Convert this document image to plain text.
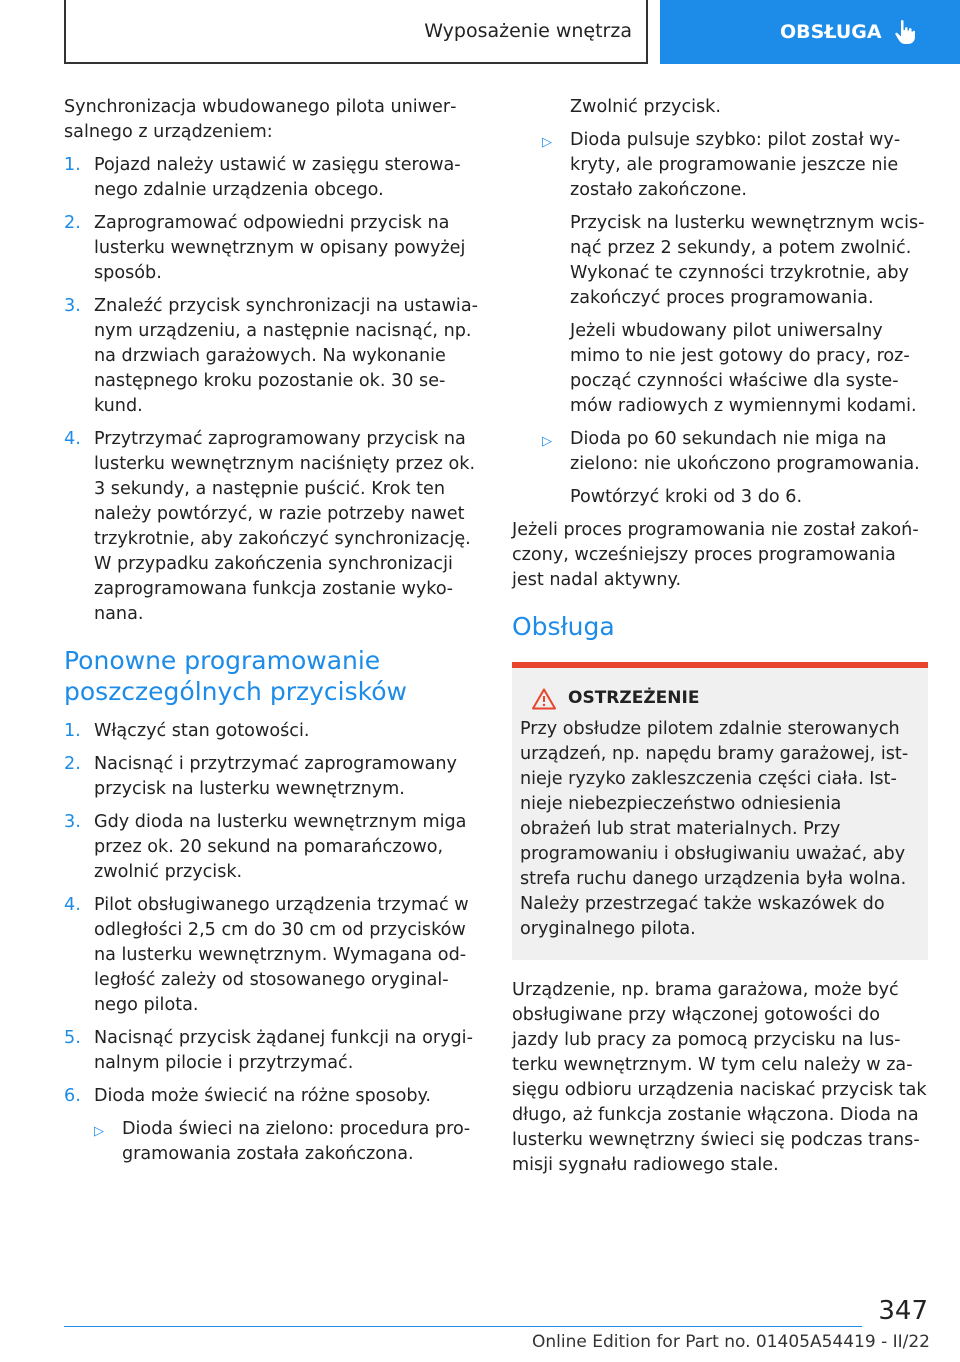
Wyposażenie wnętrza	OBSŁUGA

Synchronizacja wbudowanego pilota uniwersalnego z urządzeniem:

1. Pojazd należy ustawić w zasięgu sterowanego zdalnie urządzenia obcego.
2. Zaprogramować odpowiedni przycisk na lusterku wewnętrznym w opisany powyżej sposób.
3. Znaleźć przycisk synchronizacji na ustawianym urządzeniu, a następnie nacisnąć, np. na drzwiach garażowych. Na wykonanie następnego kroku pozostanie ok. 30 sekund.
4. Przytrzymać zaprogramowany przycisk na lusterku wewnętrznym naciśnięty przez ok. 3 sekundy, a następnie puścić. Krok ten należy powtórzyć, w razie potrzeby nawet trzykrotnie, aby zakończyć synchronizację. W przypadku zakończenia synchronizacji zaprogramowana funkcja zostanie wykonana.
Ponowne programowanie poszczególnych przycisków
1. Włączyć stan gotowości.
2. Nacisnąć i przytrzymać zaprogramowany przycisk na lusterku wewnętrznym.
3. Gdy dioda na lusterku wewnętrznym miga przez ok. 20 sekund na pomarańczowo, zwolnić przycisk.
4. Pilot obsługiwanego urządzenia trzymać w odległości 2,5 cm do 30 cm od przycisków na lusterku wewnętrznym. Wymagana odległość zależy od stosowanego oryginalnego pilota.
5. Nacisnąć przycisk żądanej funkcji na oryginalnym pilocie i przytrzymać.
6. Dioda może świecić na różne sposoby.
▷	Dioda świeci na zielono: procedura programowania została zakończona.

Zwolnić przycisk.

▷	Dioda pulsuje szybko: pilot został wykryty, ale programowanie jeszcze nie zostało zakończone.

Przycisk na lusterku wewnętrznym wcisnąć przez 2 sekundy, a potem zwolnić. Wykonać te czynności trzykrotnie, aby zakończyć proces programowania.

Jeżeli wbudowany pilot uniwersalny mimo to nie jest gotowy do pracy, rozpocząć czynności właściwe dla systemów radiowych z wymiennymi kodami.

▷	Dioda po 60 sekundach nie miga na zielono: nie ukończono programowania.

Powtórzyć kroki od 3 do 6.

Jeżeli proces programowania nie został zakończony, wcześniejszy proces programowania jest nadal aktywny.

Obsługa
OSTRZEŻENIE

Przy obsłudze pilotem zdalnie sterowanych urządzeń, np. napędu bramy garażowej, istnieje ryzyko zakleszczenia części ciała. Istnieje niebezpieczeństwo odniesienia obrażeń lub strat materialnych. Przy programowaniu i obsługiwaniu uważać, aby strefa ruchu danego urządzenia była wolna. Należy przestrzegać także wskazówek do oryginalnego pilota.

Urządzenie, np. brama garażowa, może być obsługiwane przy włączonej gotowości do jazdy lub pracy za pomocą przycisku na lusterku wewnętrznym. W tym celu należy w zasięgu odbioru urządzenia naciskać przycisk tak długo, aż funkcja zostanie włączona. Dioda na lusterku wewnętrzny świeci się podczas transmisji sygnału radiowego stale.

347
Online Edition for Part no. 01405A54419 - II/22
